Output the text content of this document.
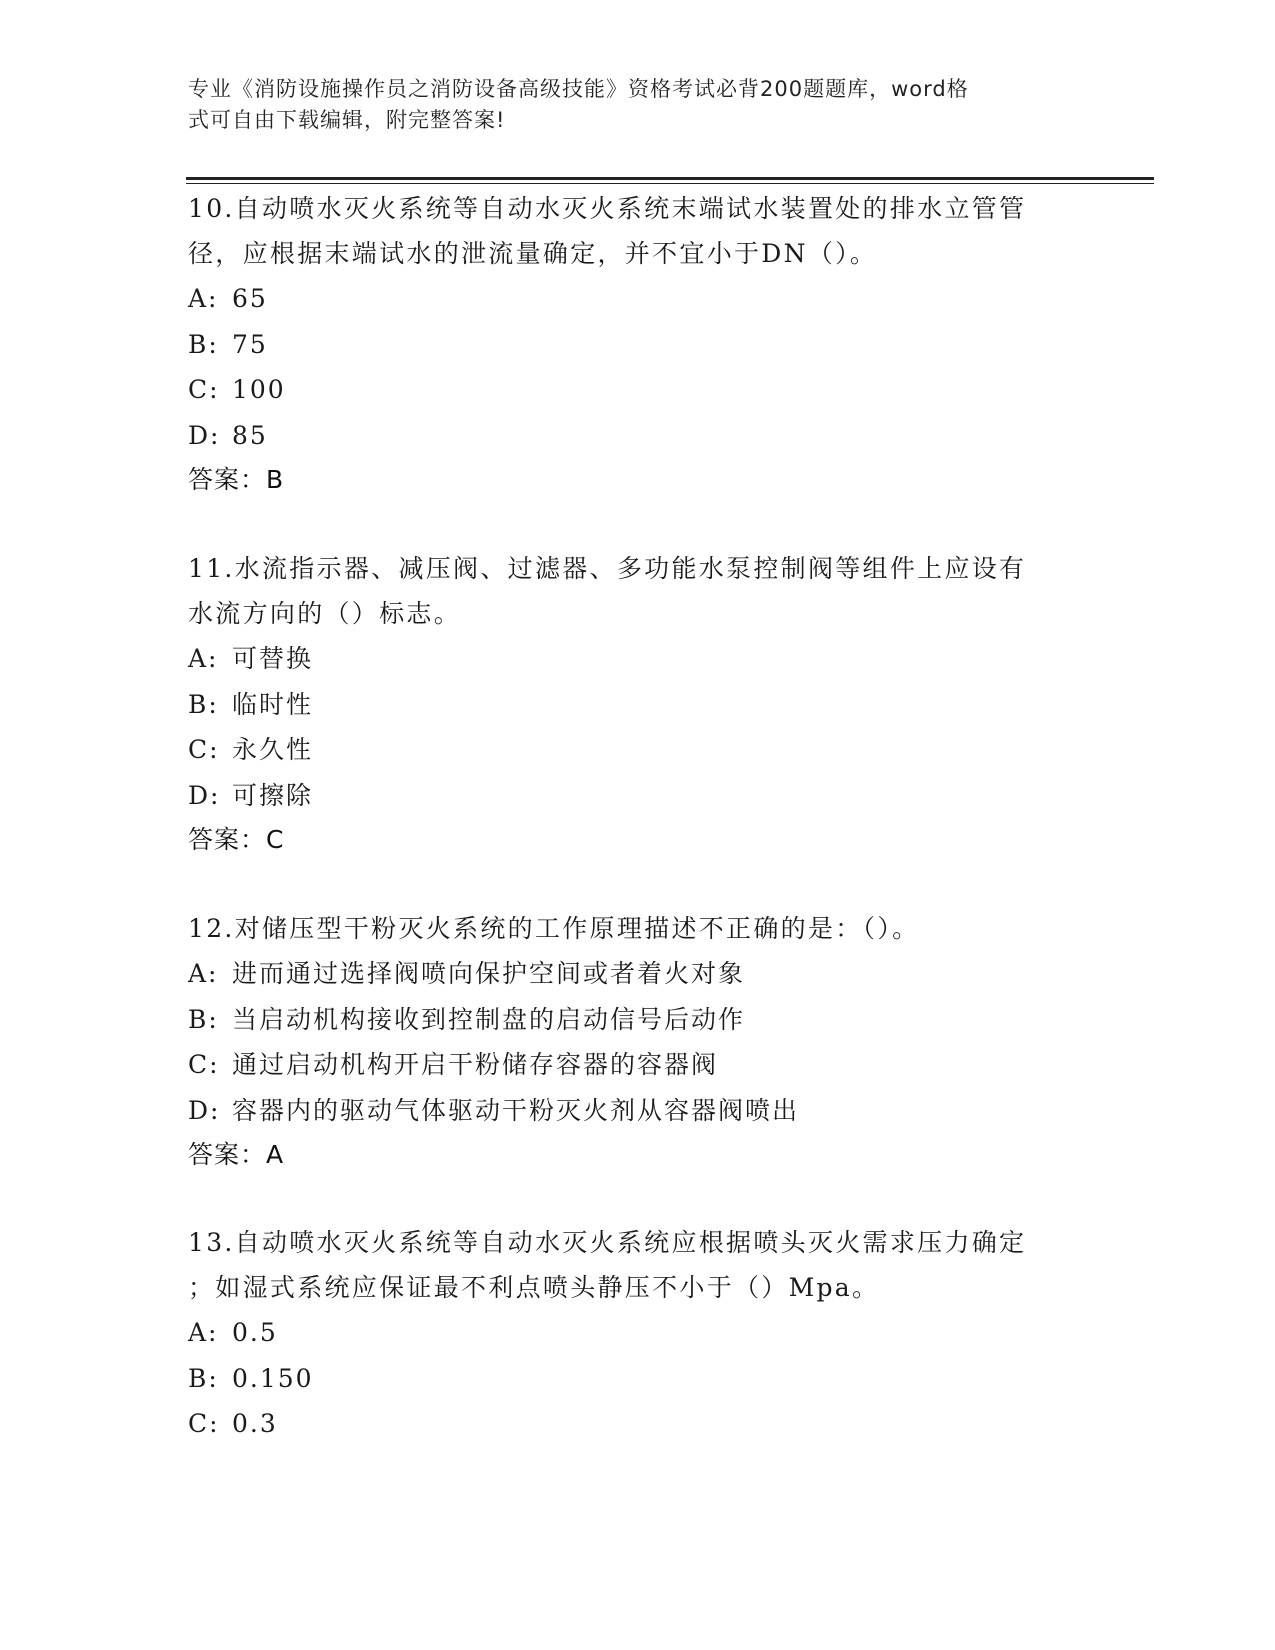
专业《消防设施操作员之消防设备高级技能》资格考试必背200题题库，word格
式可自由下载编辑，附完整答案!

10.自动喷水灭火系统等自动水灭火系统末端试水装置处的排水立管管
径，应根据末端试水的泄流量确定，并不宜小于DN（）。

A: 65

B: 75

C: 100

D: 85

答案：B

11.水流指示器、减压阀、过滤器、多功能水泵控制阀等组件上应设有
水流方向的（）标志。

A: 可替换

B: 临时性

C: 永久性

D: 可擦除

答案：C

12.对储压型干粉灭火系统的工作原理描述不正确的是：（）。

A: 进而通过选择阀喷向保护空间或者着火对象

B: 当启动机构接收到控制盘的启动信号后动作

C: 通过启动机构开启干粉储存容器的容器阀

D: 容器内的驱动气体驱动干粉灭火剂从容器阀喷出

答案：A

13.自动喷水灭火系统等自动水灭火系统应根据喷头灭火需求压力确定
；如湿式系统应保证最不利点喷头静压不小于（）Mpa。

A: 0.5

B: 0.150

C: 0.3
